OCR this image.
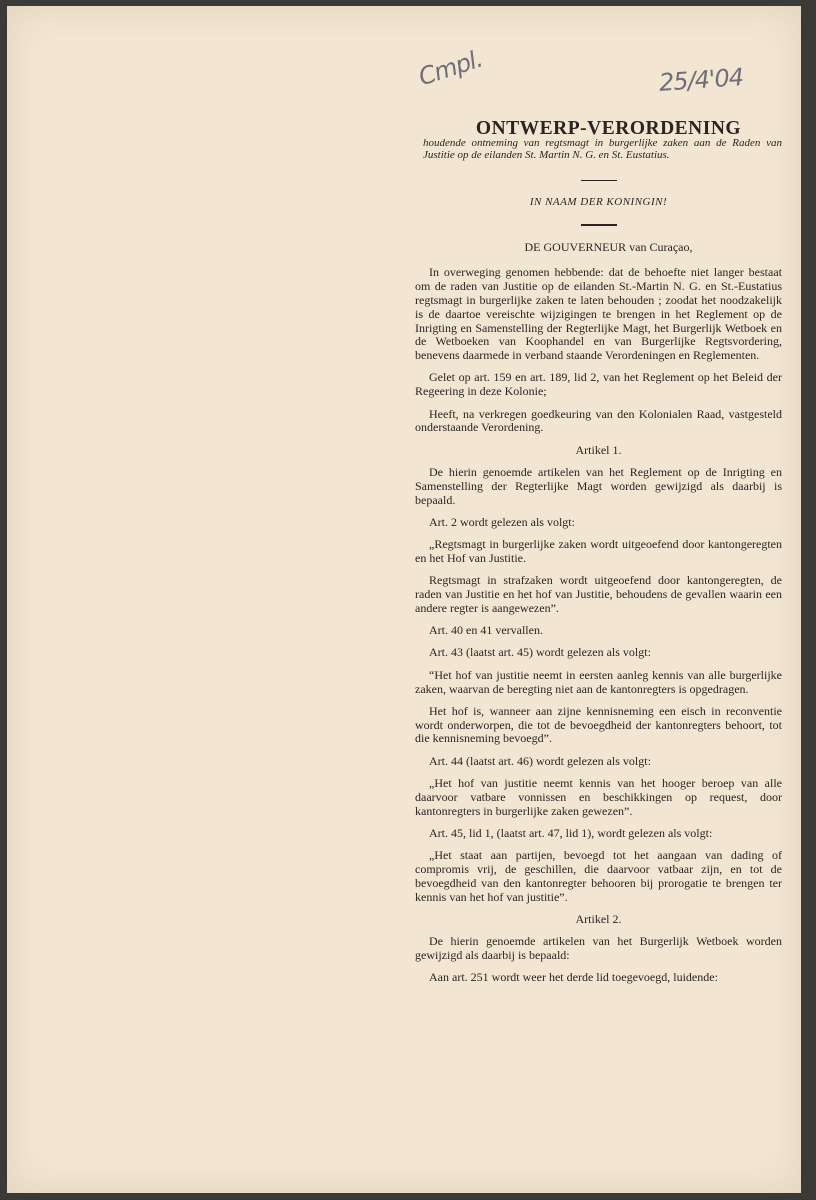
Cmpl.	25/4'04
ONTWERP-VERORDENING
houdende ontneming van regtsmagt in burgerlijke zaken aan de Raden van Justitie op de eilanden St. Martin N. G. en St. Eustatius.
IN NAAM DER KONINGIN!
DE GOUVERNEUR van Curaçao,

In overweging genomen hebbende: dat de behoefte niet langer bestaat om de raden van Justitie op de eilanden St.-Martin N. G. en St.-Eustatius regtsmagt in burgerlijke zaken te laten behouden ; zoodat het noodzakelijk is de daartoe vereischte wijzigingen te brengen in het Reglement op de Inrigting en Samenstelling der Regterlijke Magt, het Burgerlijk Wetboek en de Wetboeken van Koophandel en van Burgerlijke Regtsvordering, benevens daarmede in verband staande Verordeningen en Reglementen.

Gelet op art. 159 en art. 189, lid 2, van het Reglement op het Beleid der Regeering in deze Kolonie;

Heeft, na verkregen goedkeuring van den Kolonialen Raad, vastgesteld onderstaande Verordening.

Artikel 1.

De hierin genoemde artikelen van het Reglement op de Inrigting en Samenstelling der Regterlijke Magt worden gewijzigd als daarbij is bepaald.

Art. 2 wordt gelezen als volgt:

„Regtsmagt in burgerlijke zaken wordt uitgeoefend door kantongeregten en het Hof van Justitie.

Regtsmagt in strafzaken wordt uitgeoefend door kantongeregten, de raden van Justitie en het hof van Justitie, behoudens de gevallen waarin een andere regter is aangewezen”.

Art. 40 en 41 vervallen.

Art. 43 (laatst art. 45) wordt gelezen als volgt:

“Het hof van justitie neemt in eersten aanleg kennis van alle burgerlijke zaken, waarvan de beregting niet aan de kantonregters is opgedragen.

Het hof is, wanneer aan zijne kennisneming een eisch in reconventie wordt onderworpen, die tot de bevoegdheid der kantonregters behoort, tot die kennisneming bevoegd”.

Art. 44 (laatst art. 46) wordt gelezen als volgt:

„Het hof van justitie neemt kennis van het hooger beroep van alle daarvoor vatbare vonnissen en beschikkingen op request, door kantonregters in burgerlijke zaken gewezen”.

Art. 45, lid 1, (laatst art. 47, lid 1), wordt gelezen als volgt:

„Het staat aan partijen, bevoegd tot het aangaan van dading of compromis vrij, de geschillen, die daarvoor vatbaar zijn, en tot de bevoegdheid van den kantonregter behooren bij prorogatie te brengen ter kennis van het hof van justitie”.

Artikel 2.

De hierin genoemde artikelen van het Burgerlijk Wetboek worden gewijzigd als daarbij is bepaald:

Aan art. 251 wordt weer het derde lid toegevoegd, luidende:
